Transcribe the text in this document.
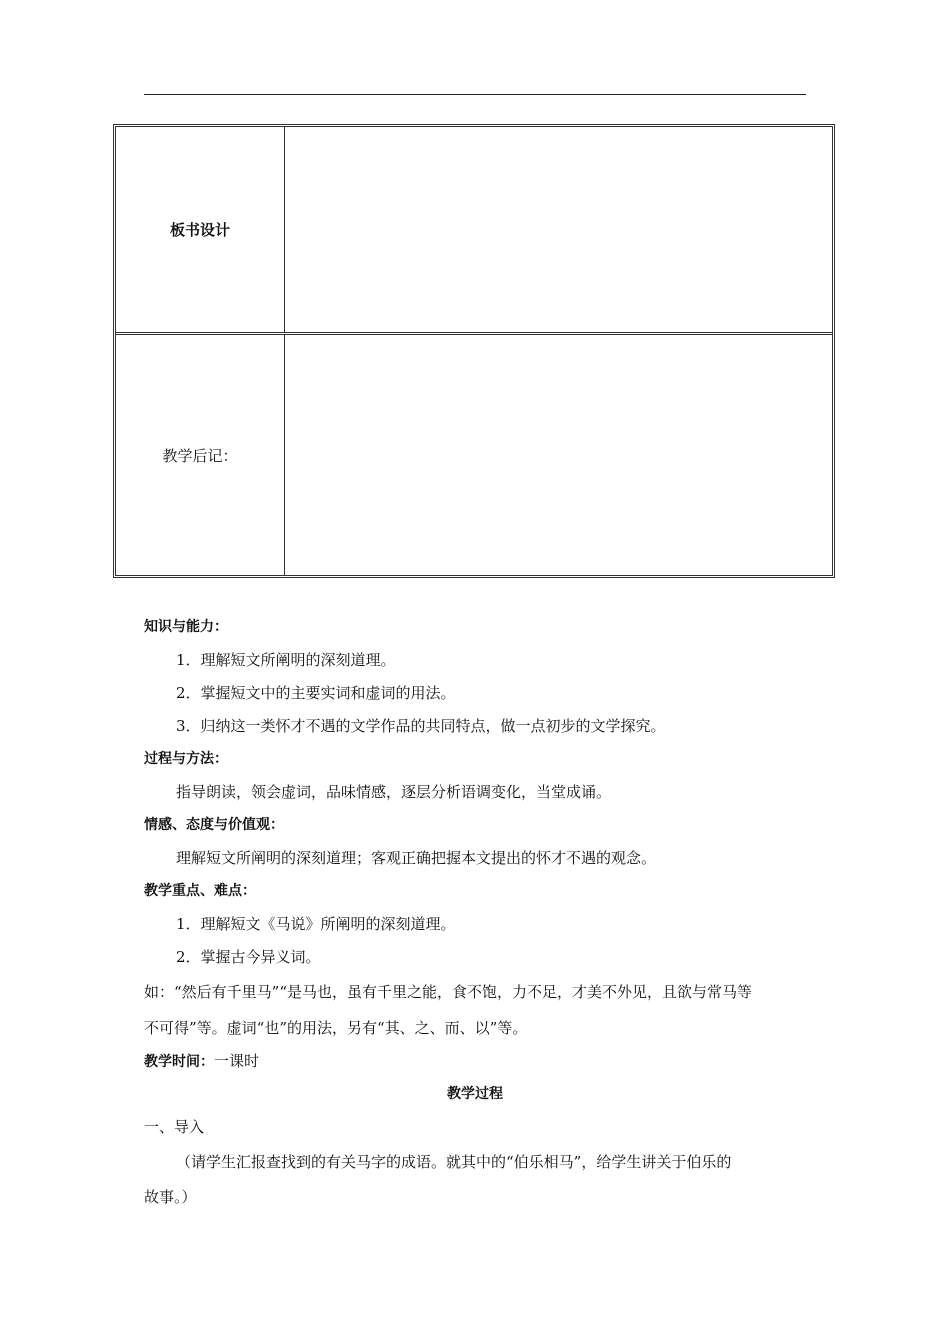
板书设计
教学后记：
知识与能力：
1．理解短文所阐明的深刻道理。
2．掌握短文中的主要实词和虚词的用法。
3．归纳这一类怀才不遇的文学作品的共同特点，做一点初步的文学探究。
过程与方法：
指导朗读，领会虚词，品味情感，逐层分析语调变化，当堂成诵。
情感、态度与价值观：
理解短文所阐明的深刻道理；客观正确把握本文提出的怀才不遇的观念。
教学重点、难点：
1．理解短文《马说》所阐明的深刻道理。
2．掌握古今异义词。
如：“然后有千里马”“是马也，虽有千里之能，食不饱，力不足，才美不外见，且欲与常马等
不可得”等。虚词“也”的用法，另有“其、之、而、以”等。
教学时间：一课时
教学过程
一、导入
（请学生汇报查找到的有关马字的成语。就其中的“伯乐相马”，给学生讲关于伯乐的
故事。）
